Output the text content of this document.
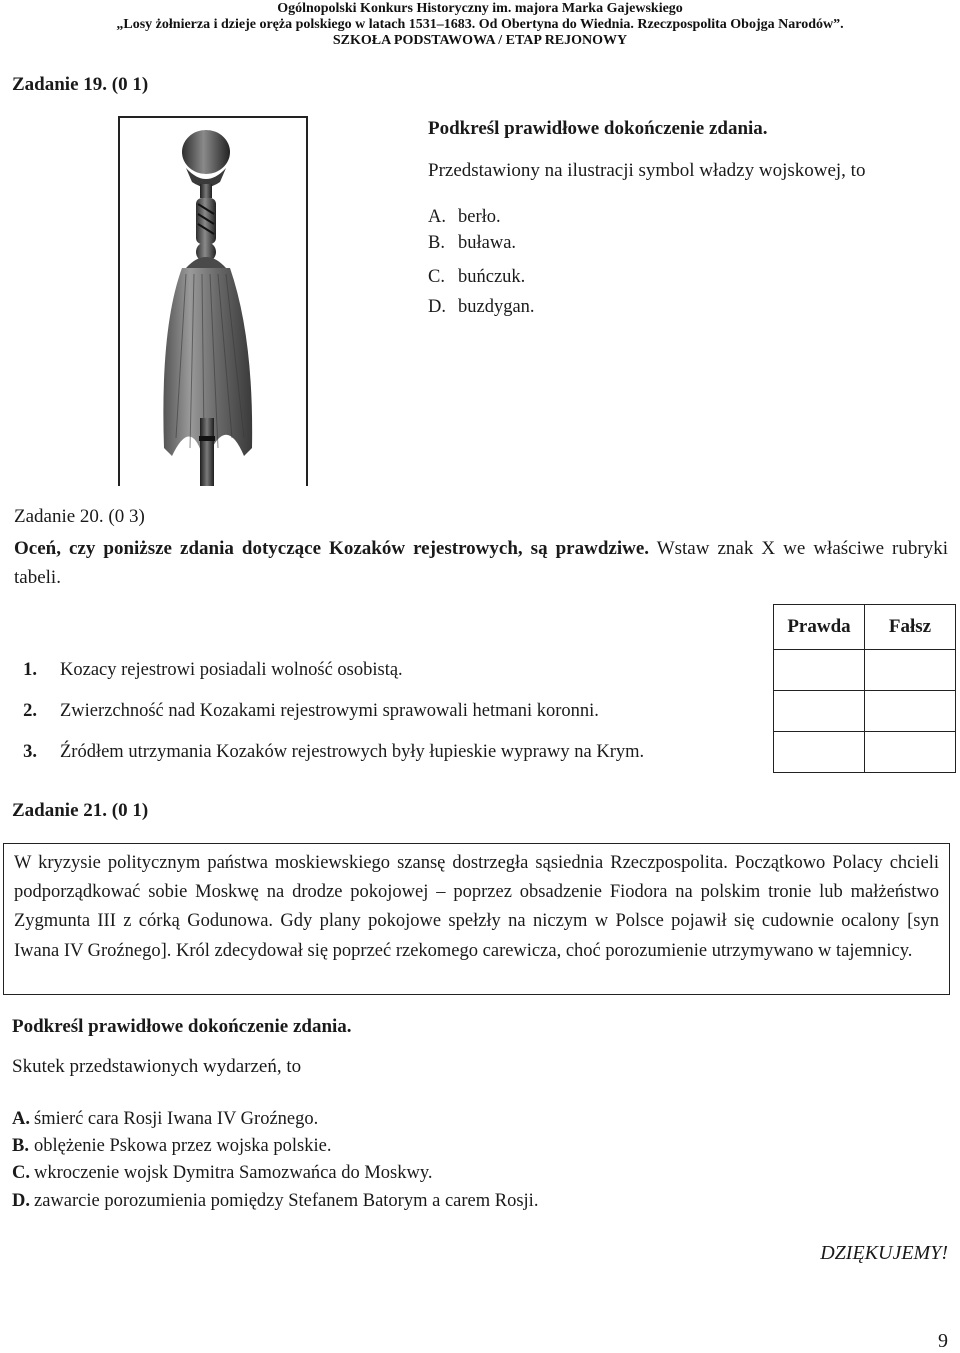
Ogólnopolski Konkurs Historyczny im. majora Marka Gajewskiego
„Losy żołnierza i dzieje oręża polskiego w latach 1531–1683. Od Obertyna do Wiednia. Rzeczpospolita Obojga Narodów”.
SZKOŁA PODSTAWOWA / ETAP REJONOWY
Zadanie 19. (0 1)
Podkreśl prawidłowe dokończenie zdania.
Przedstawiony na ilustracji symbol władzy wojskowej, to
A. berło.
B. buława.
C. buńczuk.
D. buzdygan.
Zadanie 20. (0 3)
Oceń, czy poniższe zdania dotyczące Kozaków rejestrowych, są prawdziwe. Wstaw znak X we właściwe rubryki tabeli.
		Prawda	Fałsz
1.	Kozacy rejestrowi posiadali wolność osobistą.		
2.	Zwierzchność nad Kozakami rejestrowymi sprawowali hetmani koronni.		
3.	Źródłem utrzymania Kozaków rejestrowych były łupieskie wyprawy na Krym.		
Zadanie 21. (0 1)
W kryzysie politycznym państwa moskiewskiego szansę dostrzegła sąsiednia Rzeczpospolita. Początkowo Polacy chcieli podporządkować sobie Moskwę na drodze pokojowej – poprzez obsadzenie Fiodora na polskim tronie lub małżeństwo Zygmunta III z córką Godunowa. Gdy plany pokojowe spełzły na niczym w Polsce pojawił się cudownie ocalony [syn Iwana IV Groźnego]. Król zdecydował się poprzeć rzekomego carewicza, choć porozumienie utrzymywano w tajemnicy.
Podkreśl prawidłowe dokończenie zdania.
Skutek przedstawionych wydarzeń, to
A. śmierć cara Rosji Iwana IV Groźnego.
B. oblężenie Pskowa przez wojska polskie.
C. wkroczenie wojsk Dymitra Samozwańca do Moskwy.
D. zawarcie porozumienia pomiędzy Stefanem Batorym a carem Rosji.
DZIĘKUJEMY!
9
